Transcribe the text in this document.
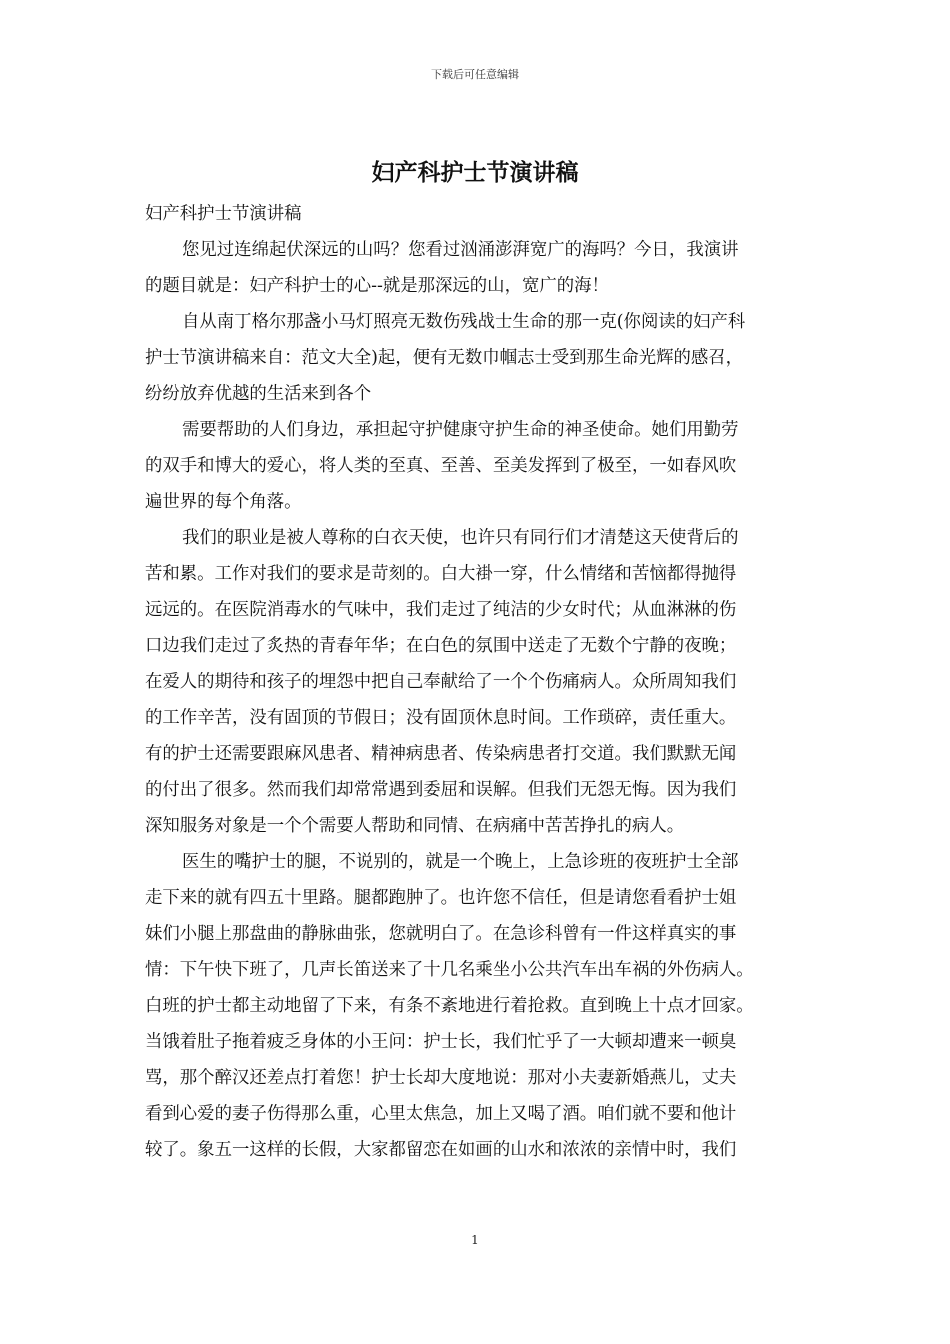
下载后可任意编辑
妇产科护士节演讲稿

妇产科护士节演讲稿

您见过连绵起伏深远的山吗？您看过汹涌澎湃宽广的海吗？今日，我演讲

的题目就是：妇产科护士的心--就是那深远的山，宽广的海！

自从南丁格尔那盏小马灯照亮无数伤残战士生命的那一克(你阅读的妇产科

护士节演讲稿来自：范文大全)起，便有无数巾帼志士受到那生命光辉的感召，

纷纷放弃优越的生活来到各个

需要帮助的人们身边，承担起守护健康守护生命的神圣使命。她们用勤劳

的双手和博大的爱心，将人类的至真、至善、至美发挥到了极至，一如春风吹

遍世界的每个角落。

我们的职业是被人尊称的白衣天使，也许只有同行们才清楚这天使背后的

苦和累。工作对我们的要求是苛刻的。白大褂一穿，什么情绪和苦恼都得抛得

远远的。在医院消毒水的气味中，我们走过了纯洁的少女时代；从血淋淋的伤

口边我们走过了炙热的青春年华；在白色的氛围中送走了无数个宁静的夜晚；

在爱人的期待和孩子的埋怨中把自己奉献给了一个个伤痛病人。众所周知我们

的工作辛苦，没有固顶的节假日；没有固顶休息时间。工作琐碎，责任重大。

有的护士还需要跟麻风患者、精神病患者、传染病患者打交道。我们默默无闻

的付出了很多。然而我们却常常遇到委屈和误解。但我们无怨无悔。因为我们

深知服务对象是一个个需要人帮助和同情、在病痛中苦苦挣扎的病人。

医生的嘴护士的腿，不说别的，就是一个晚上，上急诊班的夜班护士全部

走下来的就有四五十里路。腿都跑肿了。也许您不信任，但是请您看看护士姐

妹们小腿上那盘曲的静脉曲张，您就明白了。在急诊科曾有一件这样真实的事

情：下午快下班了，几声长笛送来了十几名乘坐小公共汽车出车祸的外伤病人。

白班的护士都主动地留了下来，有条不紊地进行着抢救。直到晚上十点才回家。

当饿着肚子拖着疲乏身体的小王问：护士长，我们忙乎了一大顿却遭来一顿臭

骂，那个醉汉还差点打着您！护士长却大度地说：那对小夫妻新婚燕儿，丈夫

看到心爱的妻子伤得那么重，心里太焦急，加上又喝了酒。咱们就不要和他计

较了。象五一这样的长假，大家都留恋在如画的山水和浓浓的亲情中时，我们

1
